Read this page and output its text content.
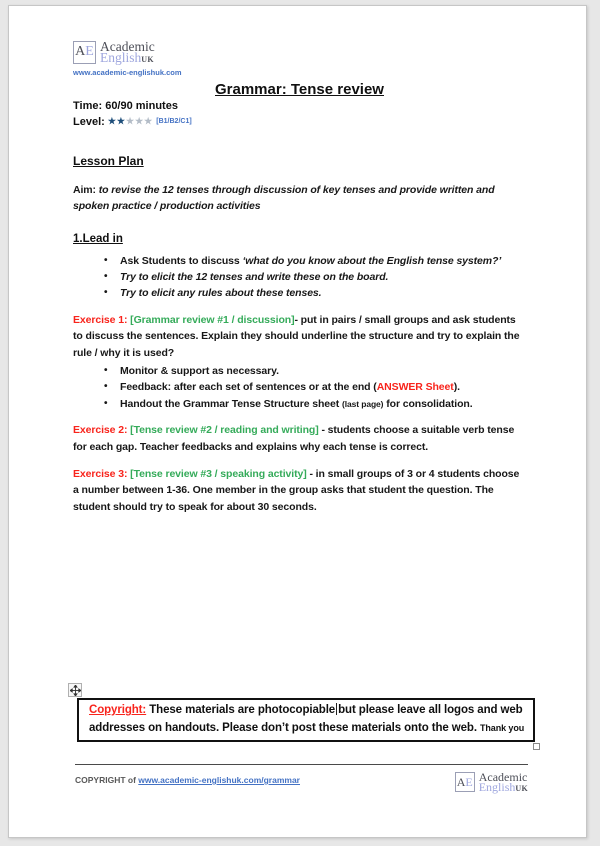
A E Academic
EnglishUK
www.academic-englishuk.com
Grammar: Tense review
Time: 60/90 minutes
Level: ★★★★★ [B1/B2/C1]
Lesson Plan
Aim: to revise the 12 tenses through discussion of key tenses and provide written and spoken practice / production activities
1.Lead in
•	Ask Students to discuss ‘what do you know about the English tense system?’
•	Try to elicit the 12 tenses and write these on the board.
•	Try to elicit any rules about these tenses.
Exercise 1: [Grammar review #1 / discussion]- put in pairs / small groups and ask students to discuss the sentences. Explain they should underline the structure and try to explain the rule / why it is used?
•	Monitor & support as necessary.
•	Feedback: after each set of sentences or at the end (ANSWER Sheet).
•	Handout the Grammar Tense Structure sheet (last page) for consolidation.
Exercise 2: [Tense review #2 / reading and writing] - students choose a suitable verb tense for each gap. Teacher feedbacks and explains why each tense is correct.
Exercise 3: [Tense review #3 / speaking activity] - in small groups of 3 or 4 students choose a number between 1-36. One member in the group asks that student the question. The student should try to speak for about 30 seconds.
Copyright: These materials are photocopiable but please leave all logos and web addresses on handouts. Please don’t post these materials onto the web. Thank you
COPYRIGHT of www.academic-englishuk.com/grammar	A E Academic
EnglishUK
